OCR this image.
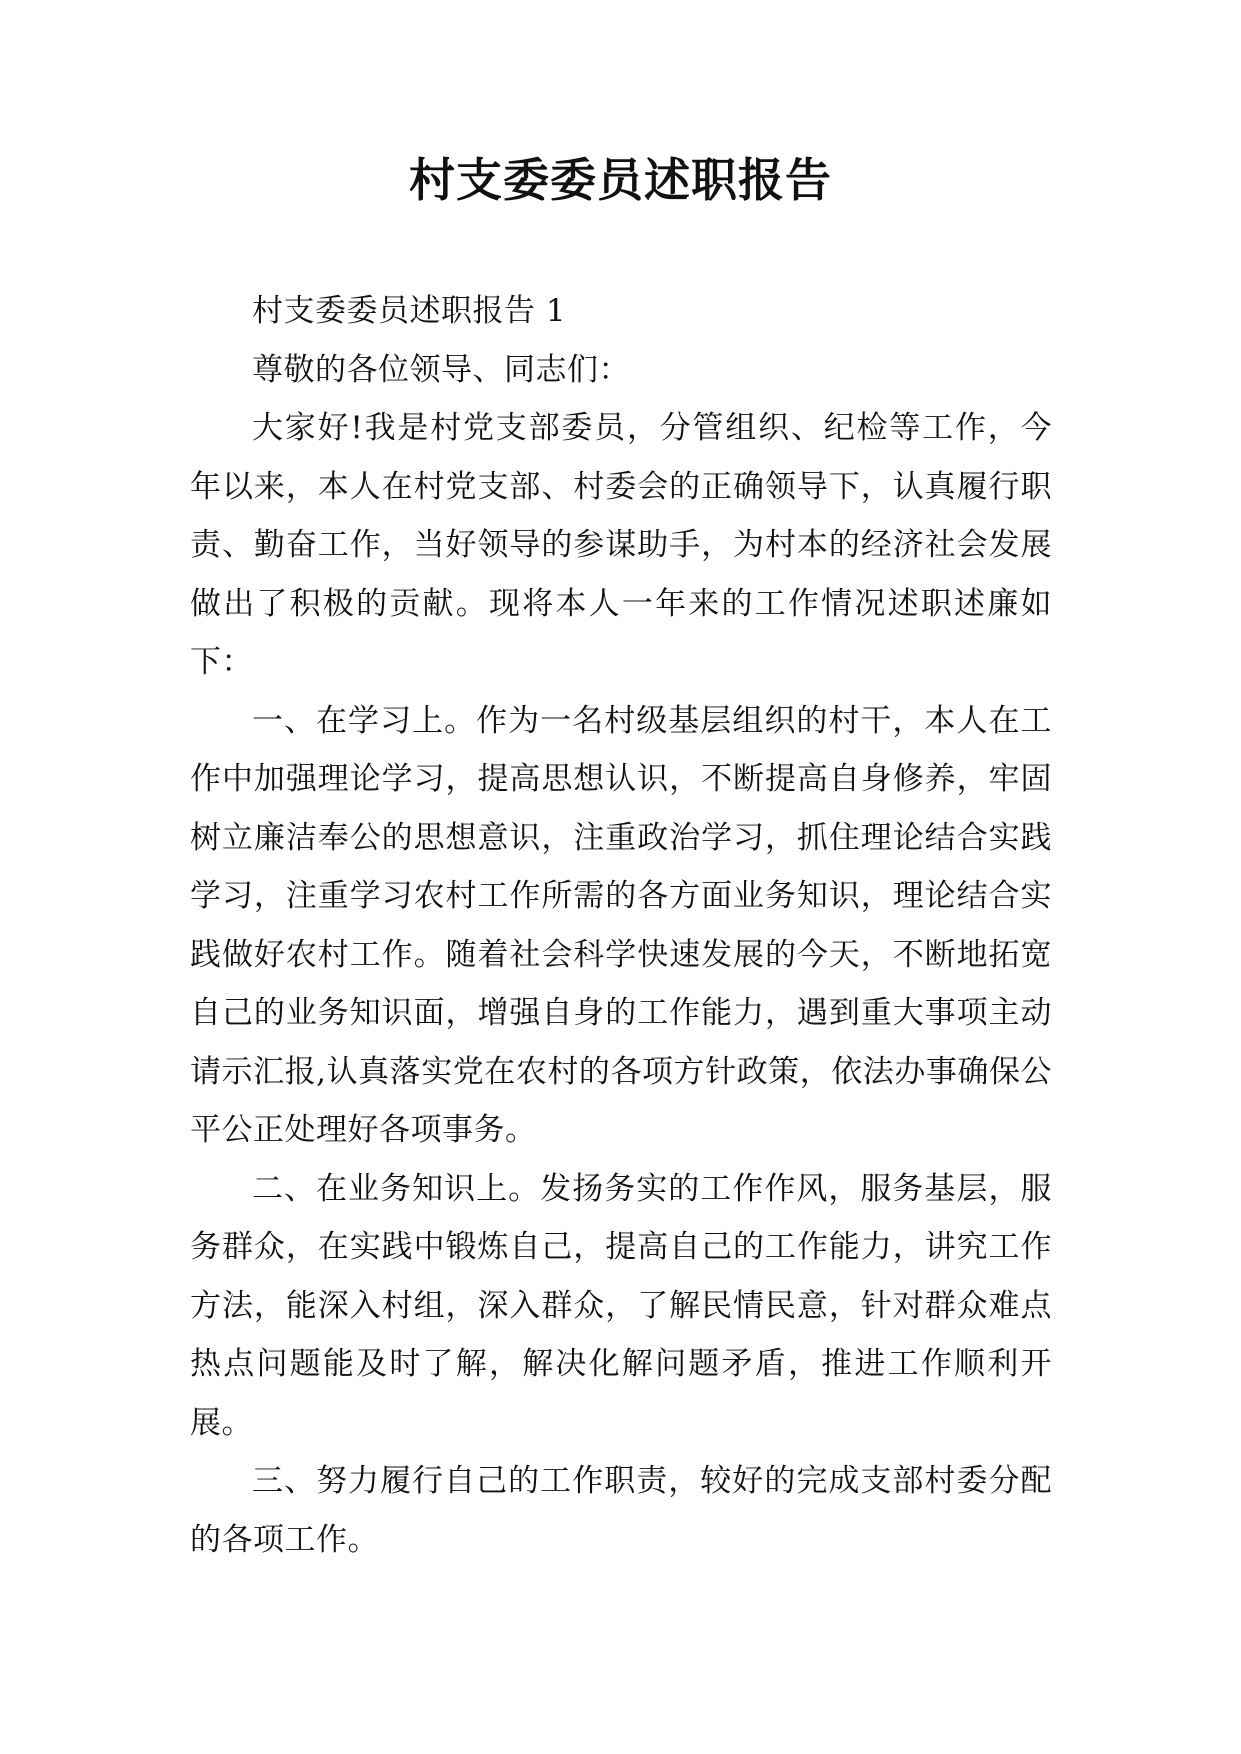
村支委委员述职报告

村支委委员述职报告 1

尊敬的各位领导、同志们：

大家好!我是村党支部委员，分管组织、纪检等工作，今年以来，本人在村党支部、村委会的正确领导下，认真履行职责、勤奋工作，当好领导的参谋助手，为村本的经济社会发展做出了积极的贡献。现将本人一年来的工作情况述职述廉如下：

一、在学习上。作为一名村级基层组织的村干，本人在工作中加强理论学习，提高思想认识，不断提高自身修养，牢固树立廉洁奉公的思想意识，注重政治学习，抓住理论结合实践学习，注重学习农村工作所需的各方面业务知识，理论结合实践做好农村工作。随着社会科学快速发展的今天，不断地拓宽自己的业务知识面，增强自身的工作能力，遇到重大事项主动请示汇报,认真落实党在农村的各项方针政策，依法办事确保公平公正处理好各项事务。

二、在业务知识上。发扬务实的工作作风，服务基层，服务群众，在实践中锻炼自己，提高自己的工作能力，讲究工作方法，能深入村组，深入群众，了解民情民意，针对群众难点热点问题能及时了解，解决化解问题矛盾，推进工作顺利开展。

三、努力履行自己的工作职责，较好的完成支部村委分配的各项工作。
